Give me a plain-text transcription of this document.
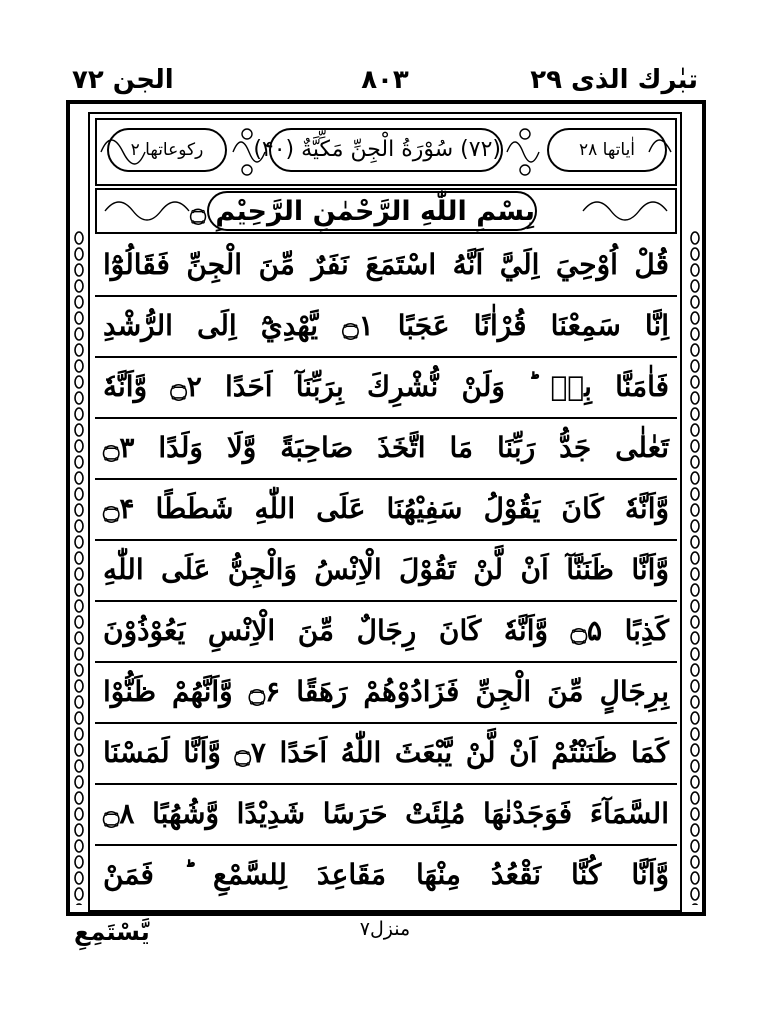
الجن ۷۲	۸۰۳	تبٰرك الذی ۲۹
رکوعاتھا ۲	(۷۲) سُوْرَةُ الْجِنِّ مَكِّيَّةٌ (۴۰)	اٰیاتھا ۲۸
بِسْمِ اللّٰهِ الرَّحْمٰنِ الرَّحِيْمِ ۝
قُلْ اُوْحِيَ اِلَيَّ اَنَّهُ اسْتَمَعَ نَفَرٌ مِّنَ الْجِنِّ فَقَالُوْٓا
اِنَّا سَمِعْنَا قُرْاٰنًا عَجَبًا ۝۱ يَّهْدِيْٓ اِلَى الرُّشْدِ
فَاٰمَنَّا بِهٖ ؕ وَلَنْ نُّشْرِكَ بِرَبِّنَآ اَحَدًا ۝۲ وَّاَنَّهٗ
تَعٰلٰى جَدُّ رَبِّنَا مَا اتَّخَذَ صَاحِبَةً وَّلَا وَلَدًا ۝۳
وَّاَنَّهٗ كَانَ يَقُوْلُ سَفِيْهُنَا عَلَى اللّٰهِ شَطَطًا ۝۴
وَّاَنَّا ظَنَنَّآ اَنْ لَّنْ تَقُوْلَ الْاِنْسُ وَالْجِنُّ عَلَى اللّٰهِ
كَذِبًا ۝۵ وَّاَنَّهٗ كَانَ رِجَالٌ مِّنَ الْاِنْسِ يَعُوْذُوْنَ
بِرِجَالٍ مِّنَ الْجِنِّ فَزَادُوْهُمْ رَهَقًا ۝۶ وَّاَنَّهُمْ ظَنُّوْا
كَمَا ظَنَنْتُمْ اَنْ لَّنْ يَّبْعَثَ اللّٰهُ اَحَدًا ۝۷ وَّاَنَّا لَمَسْنَا
السَّمَآءَ فَوَجَدْنٰهَا مُلِئَتْ حَرَسًا شَدِيْدًا وَّشُهُبًا ۝۸
وَّاَنَّا كُنَّا نَقْعُدُ مِنْهَا مَقَاعِدَ لِلسَّمْعِ ؕ فَمَنْ
منزل۷
يَّسْتَمِعِ
